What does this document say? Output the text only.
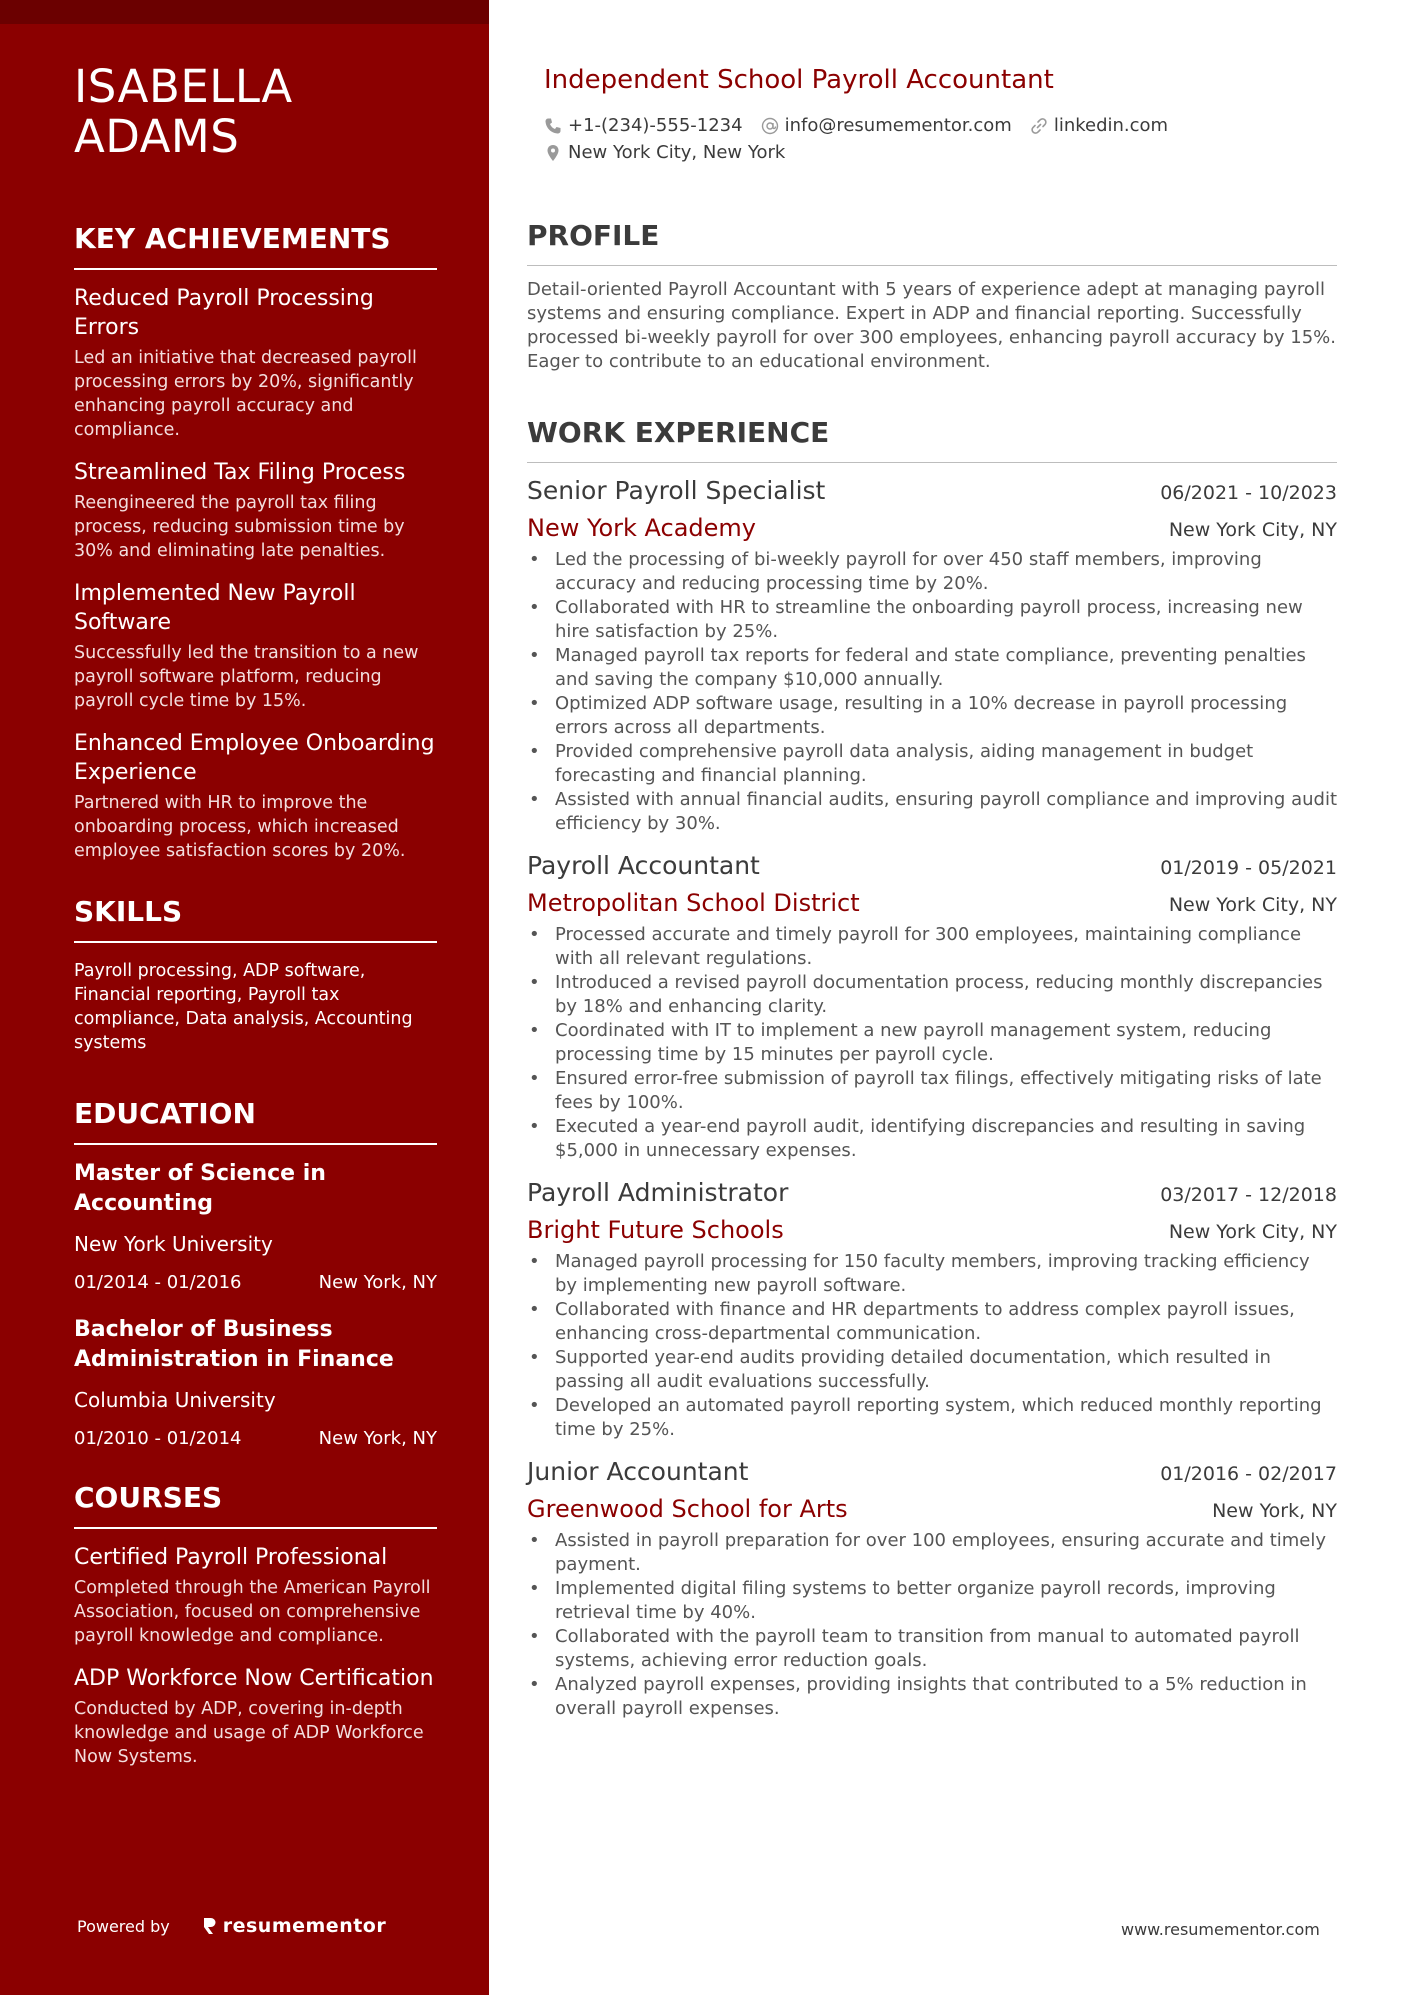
ISABELLA
ADAMS
KEY ACHIEVEMENTS
Reduced Payroll Processing Errors
Led an initiative that decreased payroll processing errors by 20%, significantly enhancing payroll accuracy and compliance.
Streamlined Tax Filing Process
Reengineered the payroll tax filing process, reducing submission time by 30% and eliminating late penalties.
Implemented New Payroll Software
Successfully led the transition to a new payroll software platform, reducing payroll cycle time by 15%.
Enhanced Employee Onboarding Experience
Partnered with HR to improve the onboarding process, which increased employee satisfaction scores by 20%.
SKILLS
Payroll processing, ADP software, Financial reporting, Payroll tax compliance, Data analysis, Accounting systems
EDUCATION
Master of Science in Accounting
New York University
01/2014 - 01/2016	New York, NY
Bachelor of Business Administration in Finance
Columbia University
01/2010 - 01/2014	New York, NY
COURSES
Certified Payroll Professional
Completed through the American Payroll Association, focused on comprehensive payroll knowledge and compliance.
ADP Workforce Now Certification
Conducted by ADP, covering in-depth knowledge and usage of ADP Workforce Now Systems.
Powered by	resumementor
Independent School Payroll Accountant
+1-(234)-555-1234 info@resumementor.com linkedin.com
New York City, New York
PROFILE

Detail-oriented Payroll Accountant with 5 years of experience adept at managing payroll systems and ensuring compliance. Expert in ADP and financial reporting. Successfully processed bi-weekly payroll for over 300 employees, enhancing payroll accuracy by 15%. Eager to contribute to an educational environment.

WORK EXPERIENCE
Senior Payroll Specialist	06/2021 - 10/2023
New York Academy	New York City, NY
• Led the processing of bi-weekly payroll for over 450 staff members, improving accuracy and reducing processing time by 20%.
• Collaborated with HR to streamline the onboarding payroll process, increasing new hire satisfaction by 25%.
• Managed payroll tax reports for federal and state compliance, preventing penalties and saving the company $10,000 annually.
• Optimized ADP software usage, resulting in a 10% decrease in payroll processing errors across all departments.
• Provided comprehensive payroll data analysis, aiding management in budget forecasting and financial planning.
• Assisted with annual financial audits, ensuring payroll compliance and improving audit efficiency by 30%.
Payroll Accountant	01/2019 - 05/2021
Metropolitan School District	New York City, NY
• Processed accurate and timely payroll for 300 employees, maintaining compliance with all relevant regulations.
• Introduced a revised payroll documentation process, reducing monthly discrepancies by 18% and enhancing clarity.
• Coordinated with IT to implement a new payroll management system, reducing processing time by 15 minutes per payroll cycle.
• Ensured error-free submission of payroll tax filings, effectively mitigating risks of late fees by 100%.
• Executed a year-end payroll audit, identifying discrepancies and resulting in saving $5,000 in unnecessary expenses.
Payroll Administrator	03/2017 - 12/2018
Bright Future Schools	New York City, NY
• Managed payroll processing for 150 faculty members, improving tracking efficiency by implementing new payroll software.
• Collaborated with finance and HR departments to address complex payroll issues, enhancing cross-departmental communication.
• Supported year-end audits providing detailed documentation, which resulted in passing all audit evaluations successfully.
• Developed an automated payroll reporting system, which reduced monthly reporting time by 25%.
Junior Accountant	01/2016 - 02/2017
Greenwood School for Arts	New York, NY
• Assisted in payroll preparation for over 100 employees, ensuring accurate and timely payment.
• Implemented digital filing systems to better organize payroll records, improving retrieval time by 40%.
• Collaborated with the payroll team to transition from manual to automated payroll systems, achieving error reduction goals.
• Analyzed payroll expenses, providing insights that contributed to a 5% reduction in overall payroll expenses.
www.resumementor.com
